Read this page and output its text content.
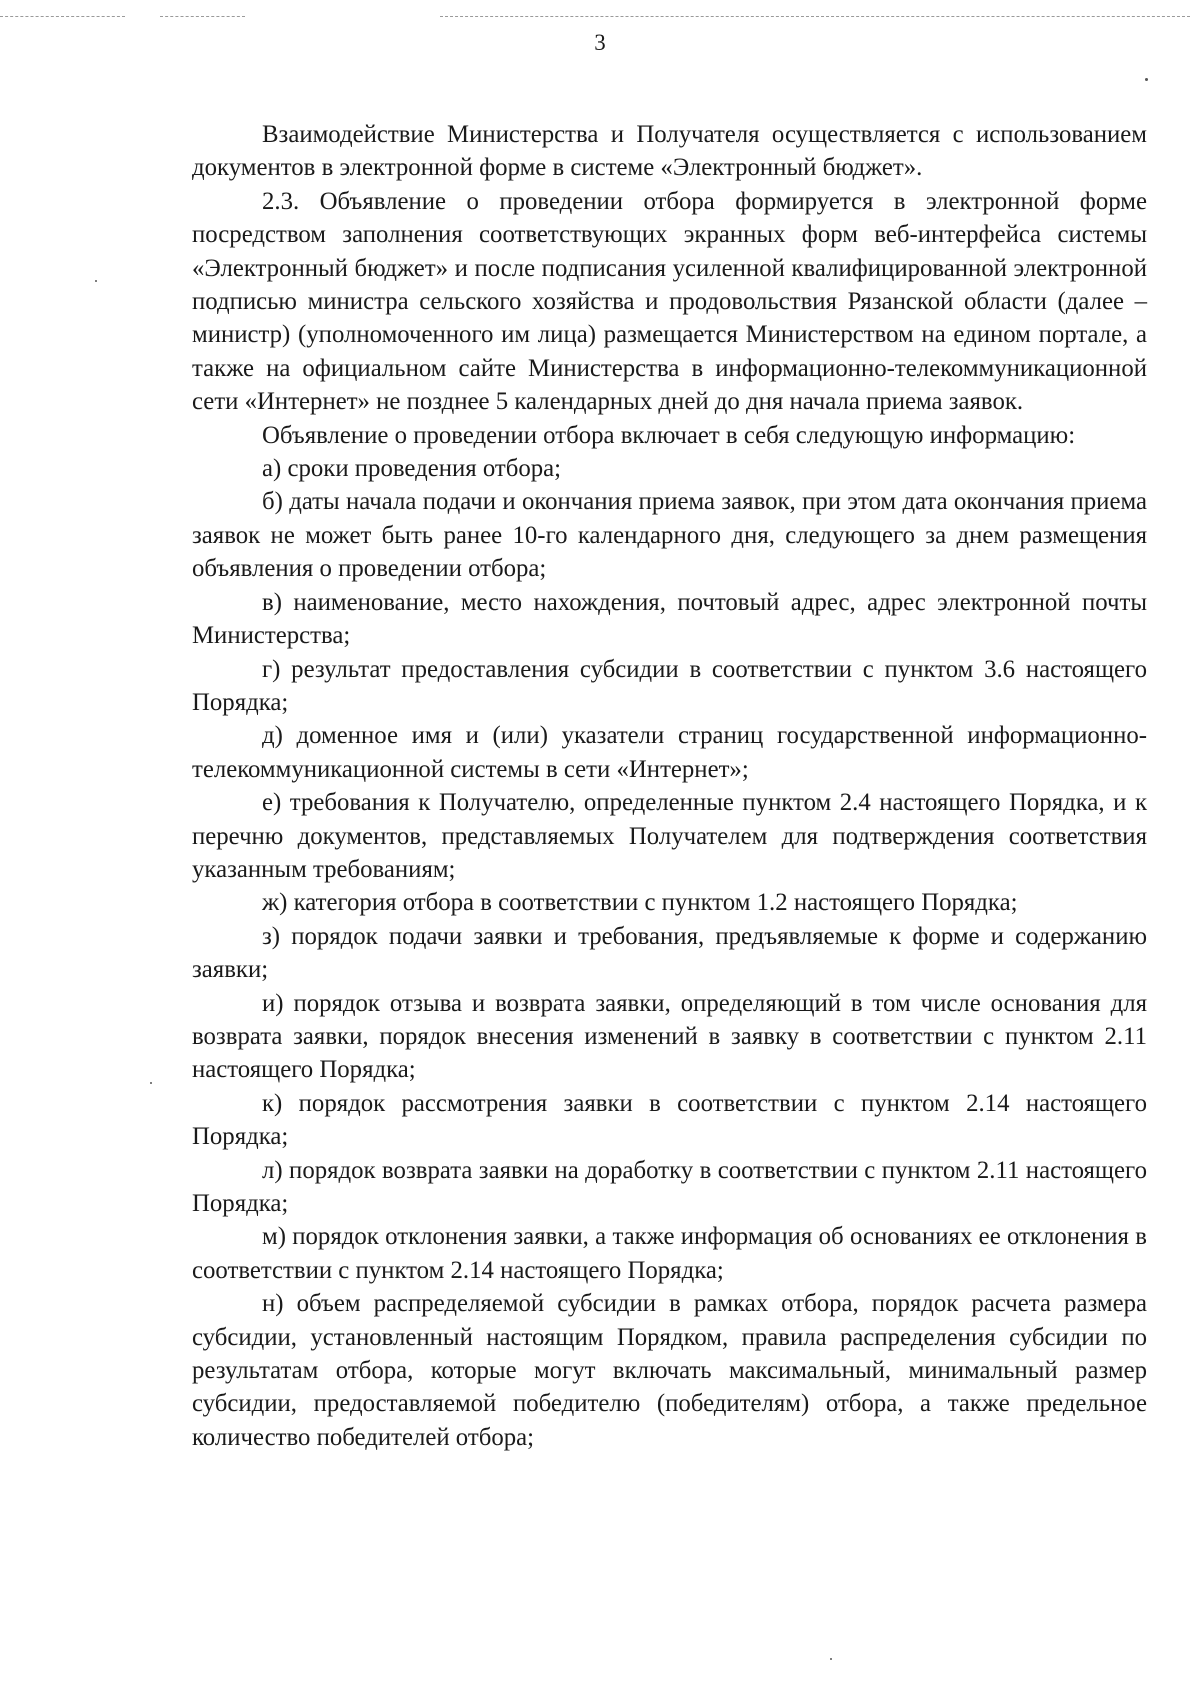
3

Взаимодействие Министерства и Получателя осуществляется с использованием документов в электронной форме в системе «Электронный бюджет».

2.3. Объявление о проведении отбора формируется в электронной форме посредством заполнения соответствующих экранных форм веб-интерфейса системы «Электронный бюджет» и после подписания усиленной квалифицированной электронной подписью министра сельского хозяйства и продовольствия Рязанской области (далее – министр) (уполномоченного им лица) размещается Министерством на едином портале, а также на официальном сайте Министерства в информационно-телекоммуникационной сети «Интернет» не позднее 5 календарных дней до дня начала приема заявок.

Объявление о проведении отбора включает в себя следующую информацию:

а) сроки проведения отбора;

б) даты начала подачи и окончания приема заявок, при этом дата окончания приема заявок не может быть ранее 10-го календарного дня, следующего за днем размещения объявления о проведении отбора;

в) наименование, место нахождения, почтовый адрес, адрес электронной почты Министерства;

г) результат предоставления субсидии в соответствии с пунктом 3.6 настоящего Порядка;

д) доменное имя и (или) указатели страниц государственной информационно-телекоммуникационной системы в сети «Интернет»;

е) требования к Получателю, определенные пунктом 2.4 настоящего Порядка, и к перечню документов, представляемых Получателем для подтверждения соответствия указанным требованиям;

ж) категория отбора в соответствии с пунктом 1.2 настоящего Порядка;

з) порядок подачи заявки и требования, предъявляемые к форме и содержанию заявки;

и) порядок отзыва и возврата заявки, определяющий в том числе основания для возврата заявки, порядок внесения изменений в заявку в соответствии с пунктом 2.11 настоящего Порядка;

к) порядок рассмотрения заявки в соответствии с пунктом 2.14 настоящего Порядка;

л) порядок возврата заявки на доработку в соответствии с пунктом 2.11 настоящего Порядка;

м) порядок отклонения заявки, а также информация об основаниях ее отклонения в соответствии с пунктом 2.14 настоящего Порядка;

н) объем распределяемой субсидии в рамках отбора, порядок расчета размера субсидии, установленный настоящим Порядком, правила распределения субсидии по результатам отбора, которые могут включать максимальный, минимальный размер субсидии, предоставляемой победителю (победителям) отбора, а также предельное количество победителей отбора;
